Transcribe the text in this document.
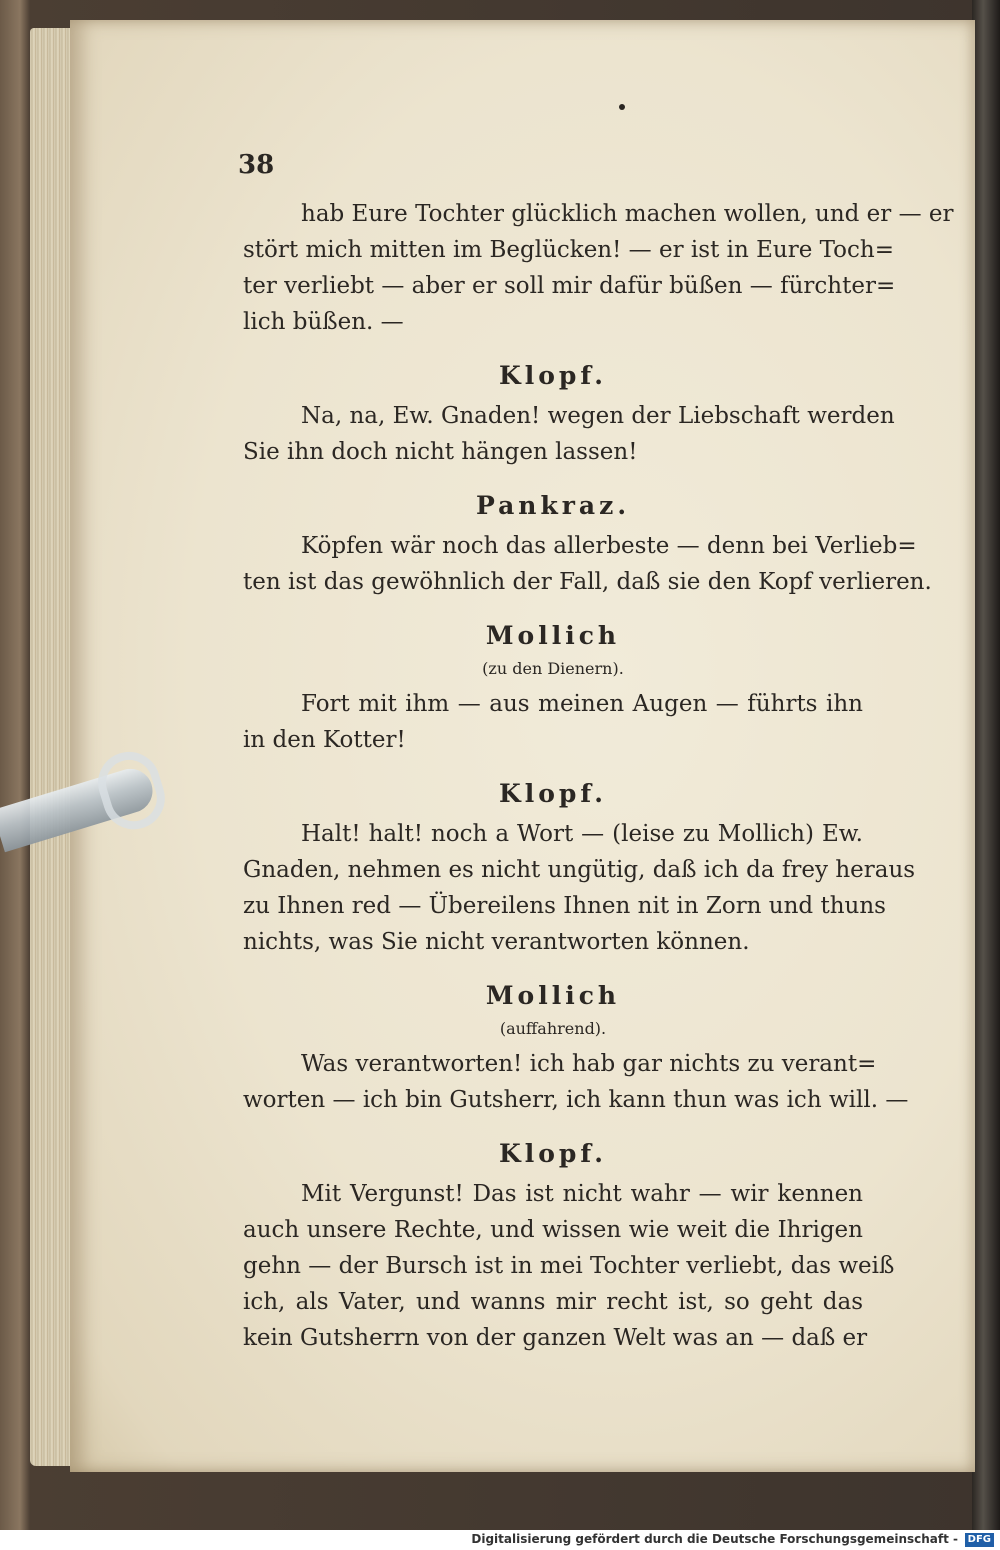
38
hab Eure Tochter glücklich machen wollen, und er — er
stört mich mitten im Beglücken! — er ist in Eure Toch=
ter verliebt — aber er soll mir dafür büßen — fürchter=
lich büßen. —
Klopf.
Na, na, Ew. Gnaden! wegen der Liebschaft werden
Sie ihn doch nicht hängen lassen!
Pankraz.
Köpfen wär noch das allerbeste — denn bei Verlieb=
ten ist das gewöhnlich der Fall, daß sie den Kopf verlieren.
Mollich
(zu den Dienern).
Fort mit ihm — aus meinen Augen — führts ihn
in den Kotter!
Klopf.
Halt! halt! noch a Wort — (leise zu Mollich) Ew.
Gnaden, nehmen es nicht ungütig, daß ich da frey heraus
zu Ihnen red — Übereilens Ihnen nit in Zorn und thuns
nichts, was Sie nicht verantworten können.
Mollich
(auffahrend).
Was verantworten! ich hab gar nichts zu verant=
worten — ich bin Gutsherr, ich kann thun was ich will. —
Klopf.
Mit Vergunst! Das ist nicht wahr — wir kennen
auch unsere Rechte, und wissen wie weit die Ihrigen
gehn — der Bursch ist in mei Tochter verliebt, das weiß
ich, als Vater, und wanns mir recht ist, so geht das
kein Gutsherrn von der ganzen Welt was an — daß er
Digitalisierung gefördert durch die Deutsche Forschungsgemeinschaft - DFG
